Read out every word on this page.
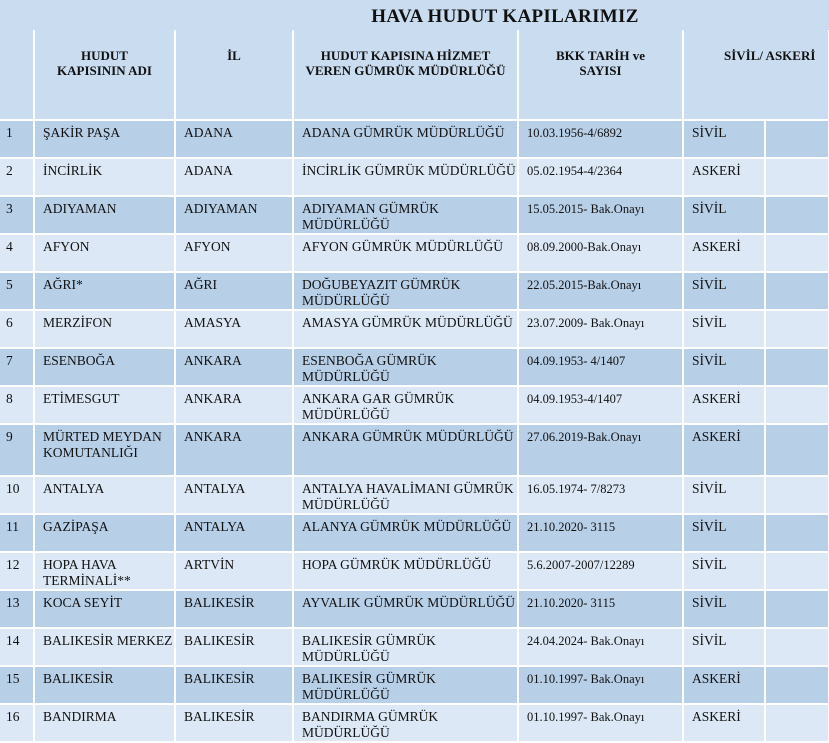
HAVA HUDUT KAPILARIMIZ
	HUDUT KAPISININ ADI	İL	HUDUT KAPISINA HİZMET VEREN GÜMRÜK MÜDÜRLÜĞÜ	BKK TARİH ve SAYISI	SİVİL/ ASKERİ	
1	ŞAKİR PAŞA	ADANA	ADANA GÜMRÜK MÜDÜRLÜĞÜ	10.03.1956-4/6892	SİVİL	
2	İNCİRLİK	ADANA	İNCİRLİK GÜMRÜK MÜDÜRLÜĞÜ	05.02.1954-4/2364	ASKERİ	
3	ADIYAMAN	ADIYAMAN	ADIYAMAN GÜMRÜK MÜDÜRLÜĞÜ	15.05.2015- Bak.Onayı	SİVİL	
4	AFYON	AFYON	AFYON GÜMRÜK MÜDÜRLÜĞÜ	08.09.2000-Bak.Onayı	ASKERİ	
5	AĞRI*	AĞRI	DOĞUBEYAZIT GÜMRÜK MÜDÜRLÜĞÜ	22.05.2015-Bak.Onayı	SİVİL	
6	MERZİFON	AMASYA	AMASYA GÜMRÜK MÜDÜRLÜĞÜ	23.07.2009- Bak.Onayı	SİVİL	
7	ESENBOĞA	ANKARA	ESENBOĞA GÜMRÜK MÜDÜRLÜĞÜ	04.09.1953- 4/1407	SİVİL	
8	ETİMESGUT	ANKARA	ANKARA GAR GÜMRÜK MÜDÜRLÜĞÜ	04.09.1953-4/1407	ASKERİ	
9	MÜRTED MEYDAN KOMUTANLIĞI	ANKARA	ANKARA GÜMRÜK MÜDÜRLÜĞÜ	27.06.2019-Bak.Onayı	ASKERİ	
10	ANTALYA	ANTALYA	ANTALYA HAVALİMANI GÜMRÜK MÜDÜRLÜĞÜ	16.05.1974- 7/8273	SİVİL	
11	GAZİPAŞA	ANTALYA	ALANYA GÜMRÜK MÜDÜRLÜĞÜ	21.10.2020- 3115	SİVİL	
12	HOPA HAVA TERMİNALİ**	ARTVİN	HOPA GÜMRÜK MÜDÜRLÜĞÜ	5.6.2007-2007/12289	SİVİL	
13	KOCA SEYİT	BALIKESİR	AYVALIK GÜMRÜK MÜDÜRLÜĞÜ	21.10.2020- 3115	SİVİL	
14	BALIKESİR MERKEZ	BALIKESİR	BALIKESİR GÜMRÜK MÜDÜRLÜĞÜ	24.04.2024- Bak.Onayı	SİVİL	
15	BALIKESİR	BALIKESİR	BALIKESİR GÜMRÜK MÜDÜRLÜĞÜ	01.10.1997- Bak.Onayı	ASKERİ	
16	BANDIRMA	BALIKESİR	BANDIRMA GÜMRÜK MÜDÜRLÜĞÜ	01.10.1997- Bak.Onayı	ASKERİ	
